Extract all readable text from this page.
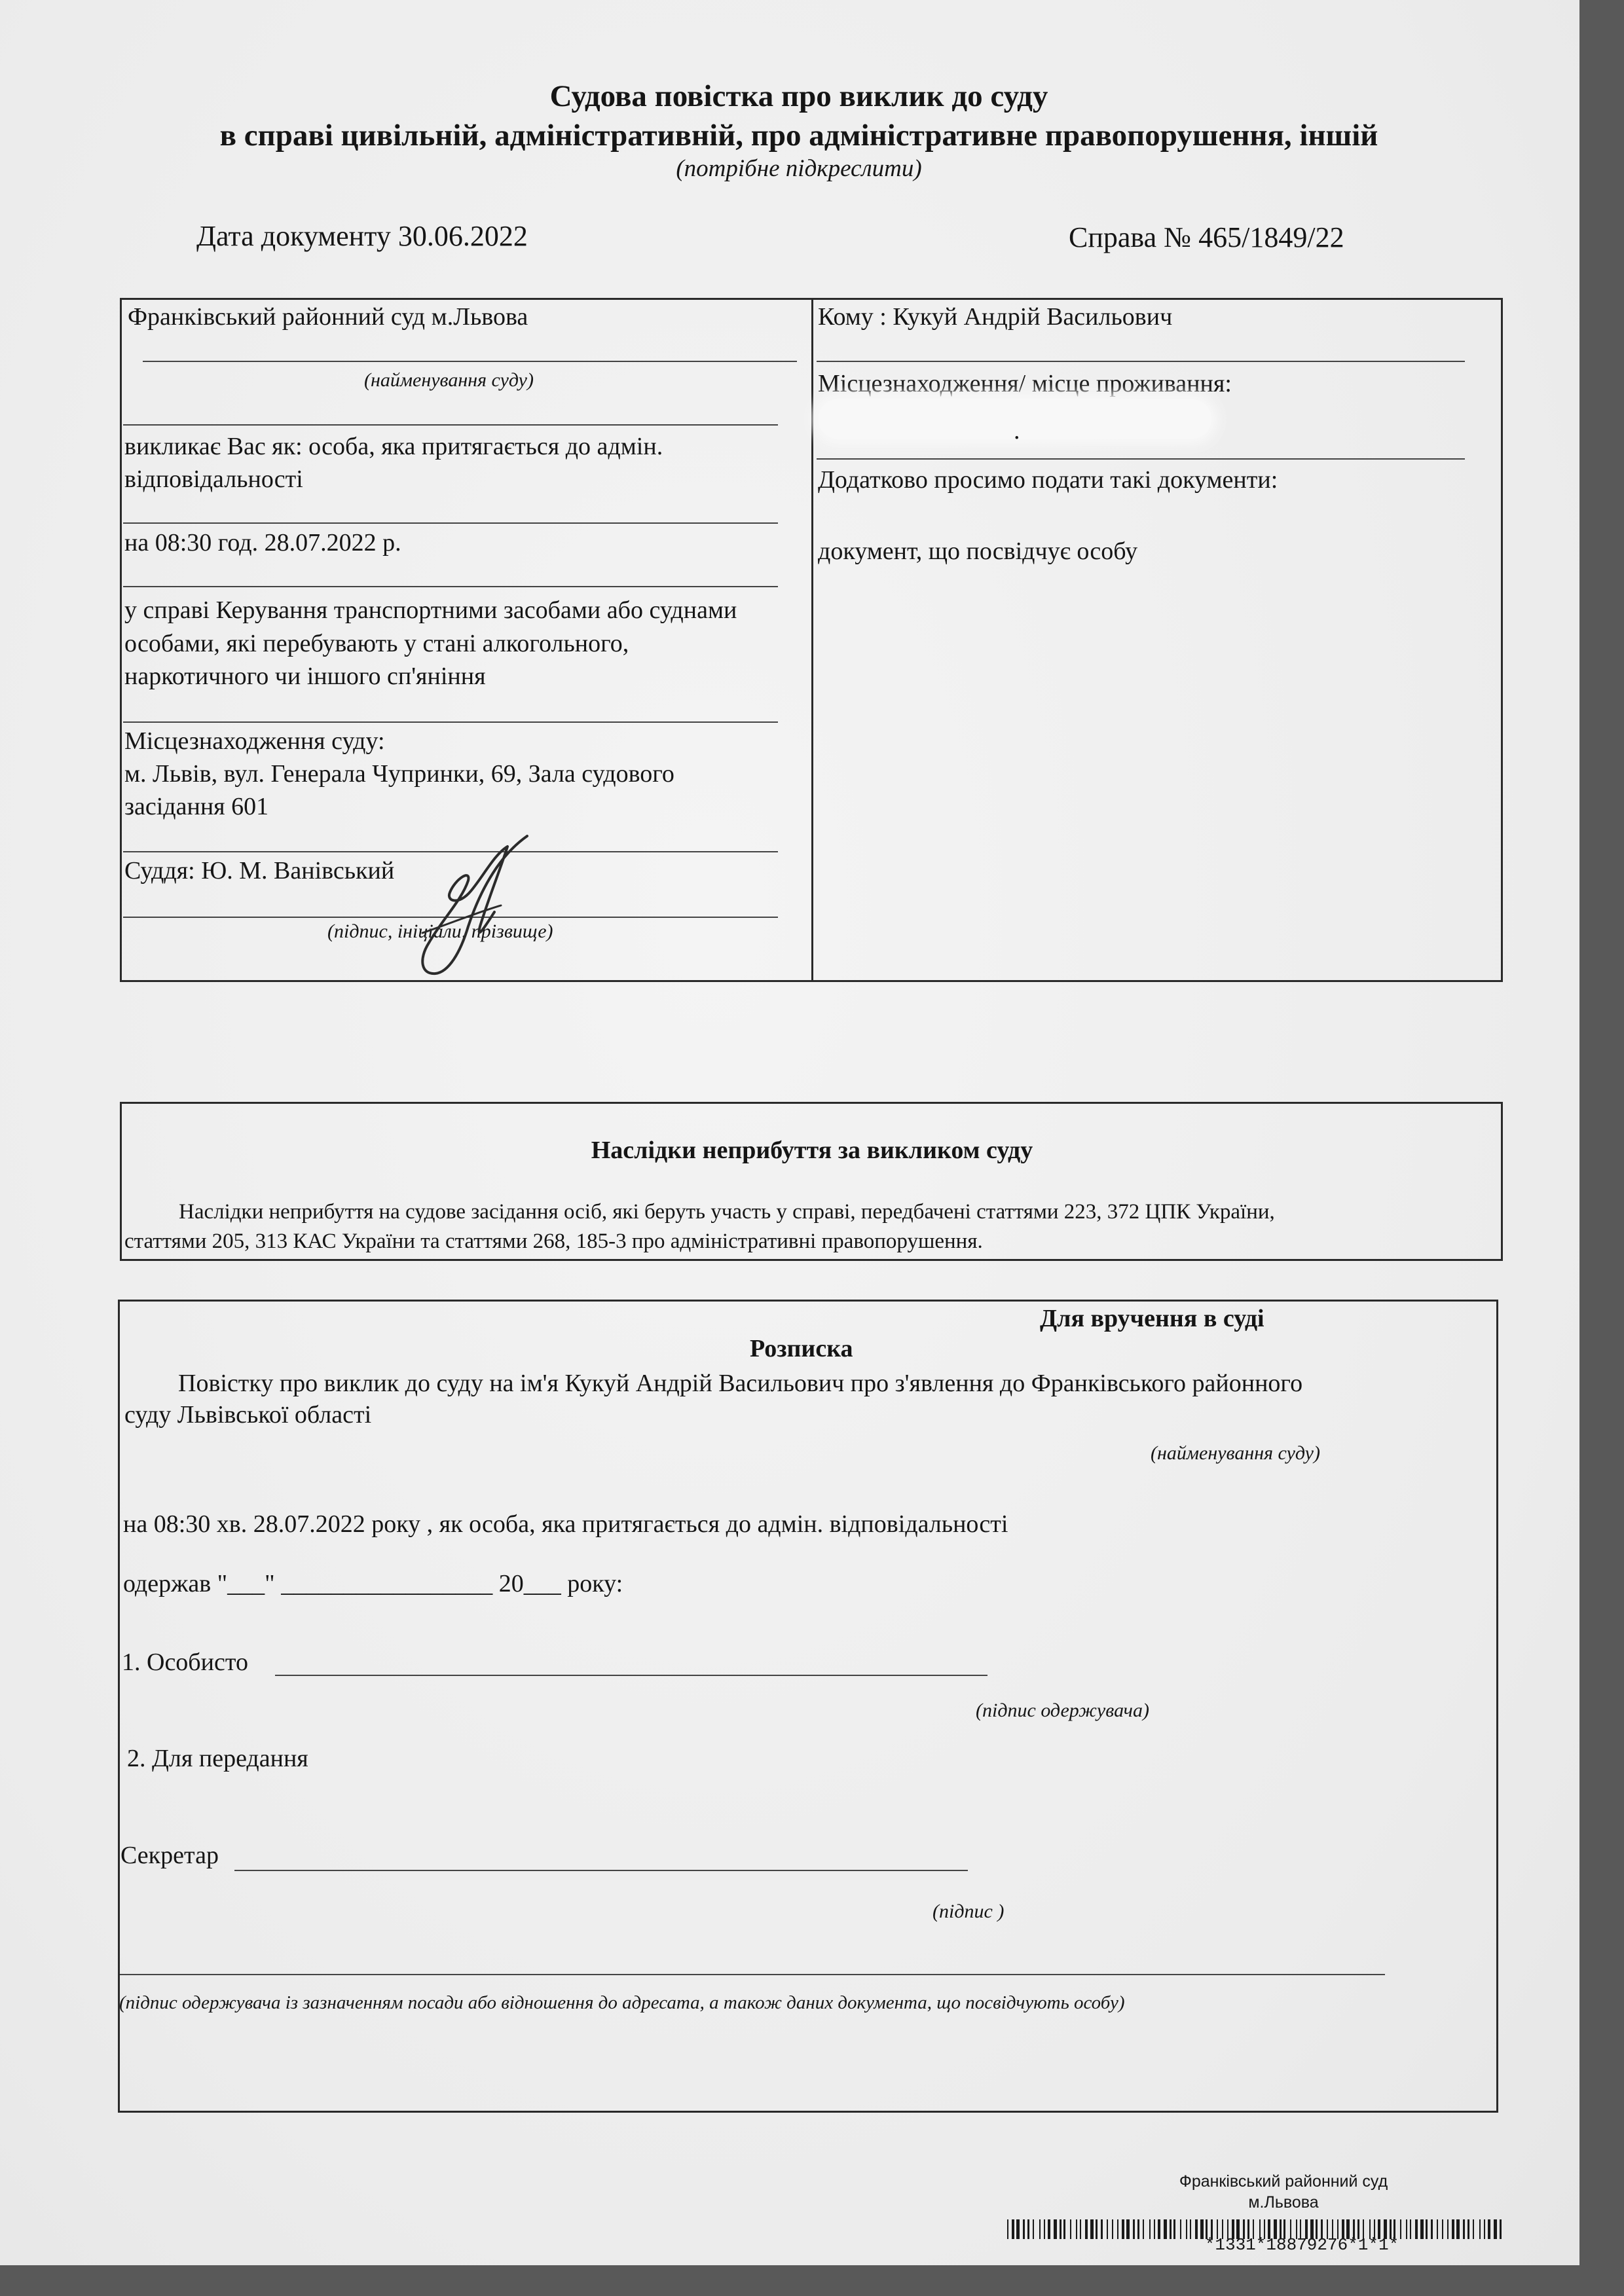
Судова повістка про виклик до суду
в справі цивільній, адміністративній, про адміністративне правопорушення, іншій
(потрібне підкреслити)
Дата документу 30.06.2022	Справа № 465/1849/22
Франківський районний суд м.Львова
(найменування суду)
викликає Вас як: особа, яка притягається до адмін.
відповідальності
на 08:30 год. 28.07.2022 р.
у справі Керування транспортними засобами або суднами
особами, які перебувають у стані алкогольного,
наркотичного чи іншого сп'яніння
Місцезнаходження суду:
м. Львів, вул. Генерала Чупринки, 69, Зала судового
засідання 601
Суддя: Ю. М. Ванівський
(підпис, ініціали, прізвище)
Кому : Кукуй Андрій Васильович
Місцезнаходження/ місце проживання:
.
Додатково просимо подати такі документи:
документ, що посвідчує особу
Наслідки неприбуття за викликом суду
Наслідки неприбуття на судове засідання осіб, які беруть участь у справі, передбачені статтями 223, 372 ЦПК України,
статтями 205, 313 КАС України та статтями 268, 185-3 про адміністративні правопорушення.
Для вручення в суді
Розписка
Повістку про виклик до суду на ім'я Кукуй Андрій Васильович про з'явлення до Франківського районного
суду Львівської області
(найменування суду)
на 08:30 хв. 28.07.2022 року , як особа, яка притягається до адмін. відповідальності
одержав "___" _________________ 20___ року:
1. Особисто
(підпис одержувача)
2. Для передання
Секретар
(підпис )
(підпис одержувача із зазначенням посади або відношення до адресата, а також даних документа, що посвідчують особу)
Франківський районний суд
м.Львова
*1331*18879276*1*1*
